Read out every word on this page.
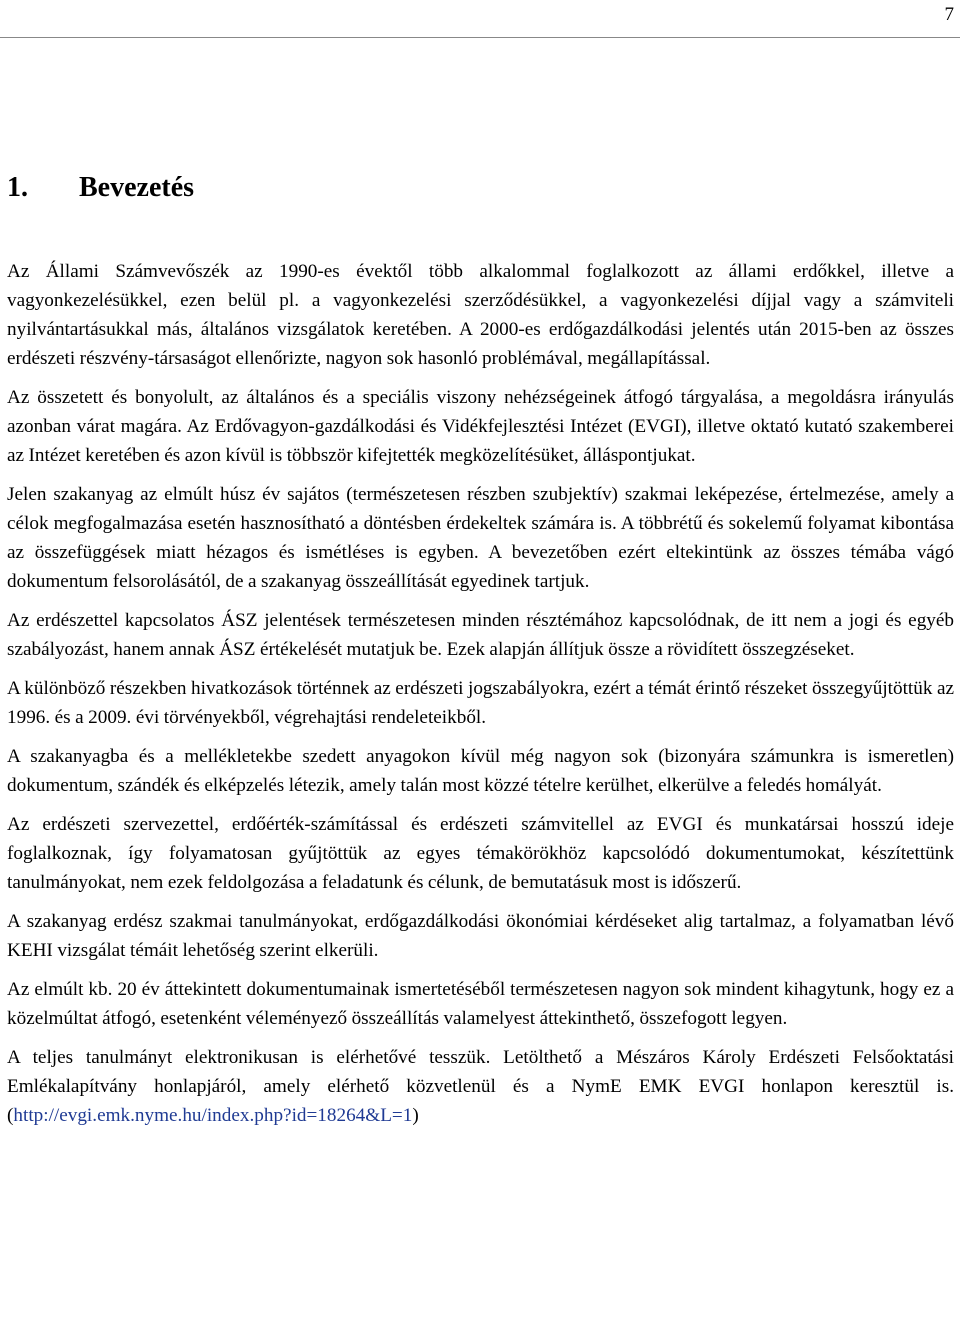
7
1. Bevezetés

Az Állami Számvevőszék az 1990-es évektől több alkalommal foglalkozott az állami erdőkkel, illetve a vagyonkezelésükkel, ezen belül pl. a vagyonkezelési szerződésükkel, a vagyonkezelési díjjal vagy a számviteli nyilvántartásukkal más, általános vizsgálatok keretében. A 2000-es erdőgazdálkodási jelentés után 2015-ben az összes erdészeti részvény-társaságot ellenőrizte, nagyon sok hasonló problémával, megállapítással.

Az összetett és bonyolult, az általános és a speciális viszony nehézségeinek átfogó tárgyalása, a megoldásra irányulás azonban várat magára. Az Erdővagyon-gazdálkodási és Vidékfejlesztési Intézet (EVGI), illetve oktató kutató szakemberei az Intézet keretében és azon kívül is többször kifejtették megközelítésüket, álláspontjukat.

Jelen szakanyag az elmúlt húsz év sajátos (természetesen részben szubjektív) szakmai leképezése, értelmezése, amely a célok megfogalmazása esetén hasznosítható a döntésben érdekeltek számára is. A többrétű és sokelemű folyamat kibontása az összefüggések miatt hézagos és ismétléses is egyben. A bevezetőben ezért eltekintünk az összes témába vágó dokumentum felsorolásától, de a szakanyag összeállítását egyedinek tartjuk.

Az erdészettel kapcsolatos ÁSZ jelentések természetesen minden résztémához kapcsolódnak, de itt nem a jogi és egyéb szabályozást, hanem annak ÁSZ értékelését mutatjuk be. Ezek alapján állítjuk össze a rövidített összegzéseket.

A különböző részekben hivatkozások történnek az erdészeti jogszabályokra, ezért a témát érintő részeket összegyűjtöttük az 1996. és a 2009. évi törvényekből, végrehajtási rendeleteikből.

A szakanyagba és a mellékletekbe szedett anyagokon kívül még nagyon sok (bizonyára számunkra is ismeretlen) dokumentum, szándék és elképzelés létezik, amely talán most közzé tételre kerülhet, elkerülve a feledés homályát.

Az erdészeti szervezettel, erdőérték-számítással és erdészeti számvitellel az EVGI és munkatársai hosszú ideje foglalkoznak, így folyamatosan gyűjtöttük az egyes témakörökhöz kapcsolódó dokumentumokat, készítettünk tanulmányokat, nem ezek feldolgozása a feladatunk és célunk, de bemutatásuk most is időszerű.

A szakanyag erdész szakmai tanulmányokat, erdőgazdálkodási ökonómiai kérdéseket alig tartalmaz, a folyamatban lévő KEHI vizsgálat témáit lehetőség szerint elkerüli.

Az elmúlt kb. 20 év áttekintett dokumentumainak ismertetéséből természetesen nagyon sok mindent kihagytunk, hogy ez a közelmúltat átfogó, esetenként véleményező összeállítás valamelyest áttekinthető, összefogott legyen.

A teljes tanulmányt elektronikusan is elérhetővé tesszük. Letölthető a Mészáros Károly Erdészeti Felsőoktatási Emlékalapítvány honlapjáról, amely elérhető közvetlenül és a NymE EMK EVGI honlapon keresztül is. (http://evgi.emk.nyme.hu/index.php?id=18264&L=1)
